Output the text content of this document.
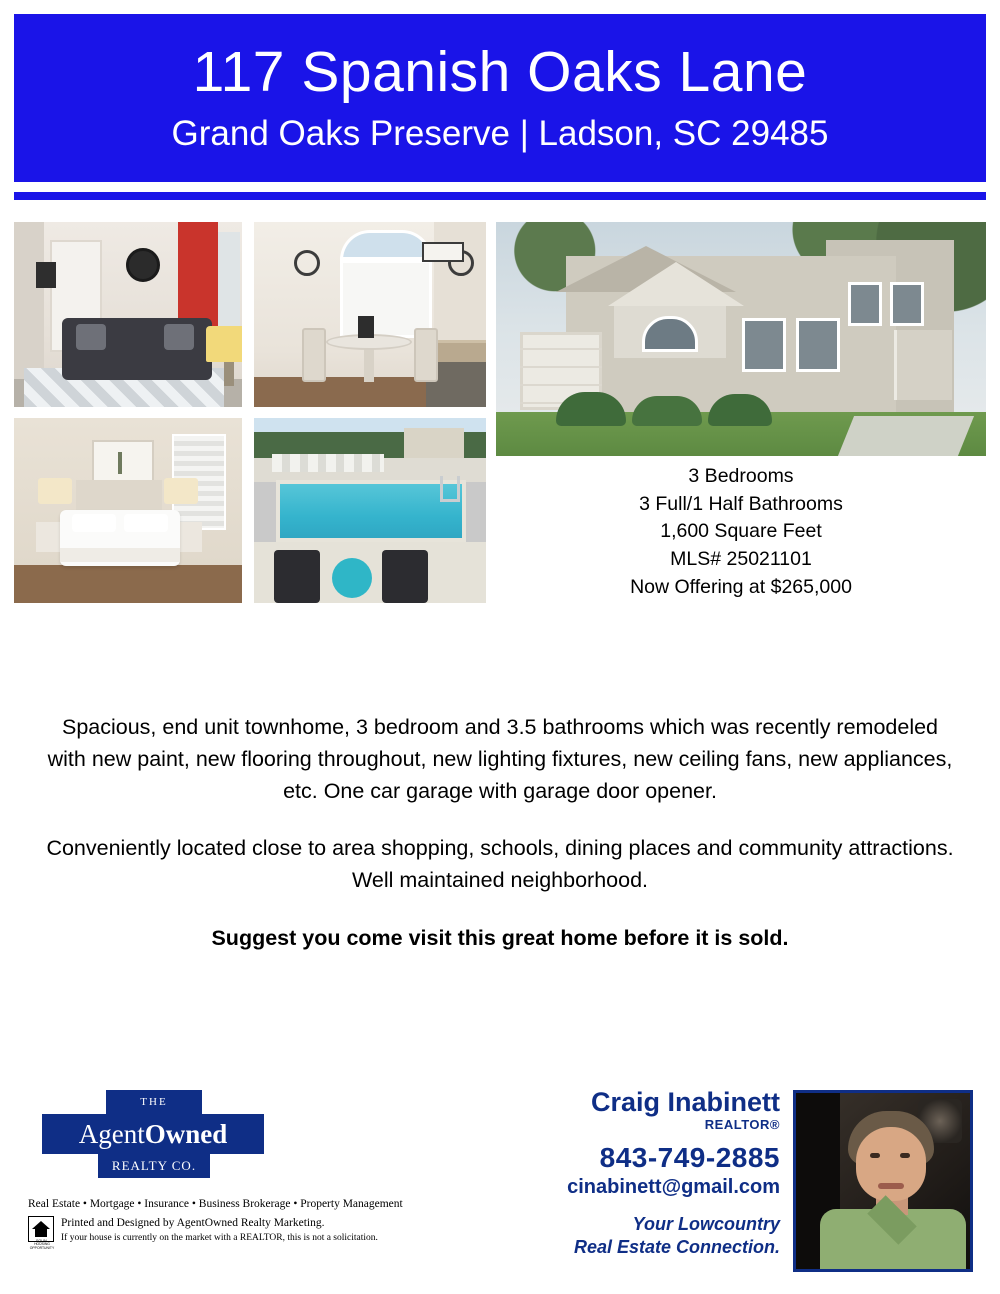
117 Spanish Oaks Lane
Grand Oaks Preserve | Ladson, SC 29485
3 Bedrooms
3 Full/1 Half Bathrooms
1,600 Square Feet
MLS# 25021101
Now Offering at $265,000

Spacious, end unit townhome, 3 bedroom and 3.5 bathrooms which was recently remodeled with new paint, new flooring throughout, new lighting fixtures, new ceiling fans, new appliances, etc. One car garage with garage door opener.

Conveniently located close to area shopping, schools, dining places and community attractions. Well maintained neighborhood.

Suggest you come visit this great home before it is sold.

THE
Agent Owned
REALTY CO.
Real Estate • Mortgage • Insurance • Business Brokerage • Property Management
EQUAL HOUSING OPPORTUNITY
Printed and Designed by AgentOwned Realty Marketing.
If your house is currently on the market with a REALTOR, this is not a solicitation.
Craig Inabinett
REALTOR®
843-749-2885
cinabinett@gmail.com
Your Lowcountry
Real Estate Connection.
